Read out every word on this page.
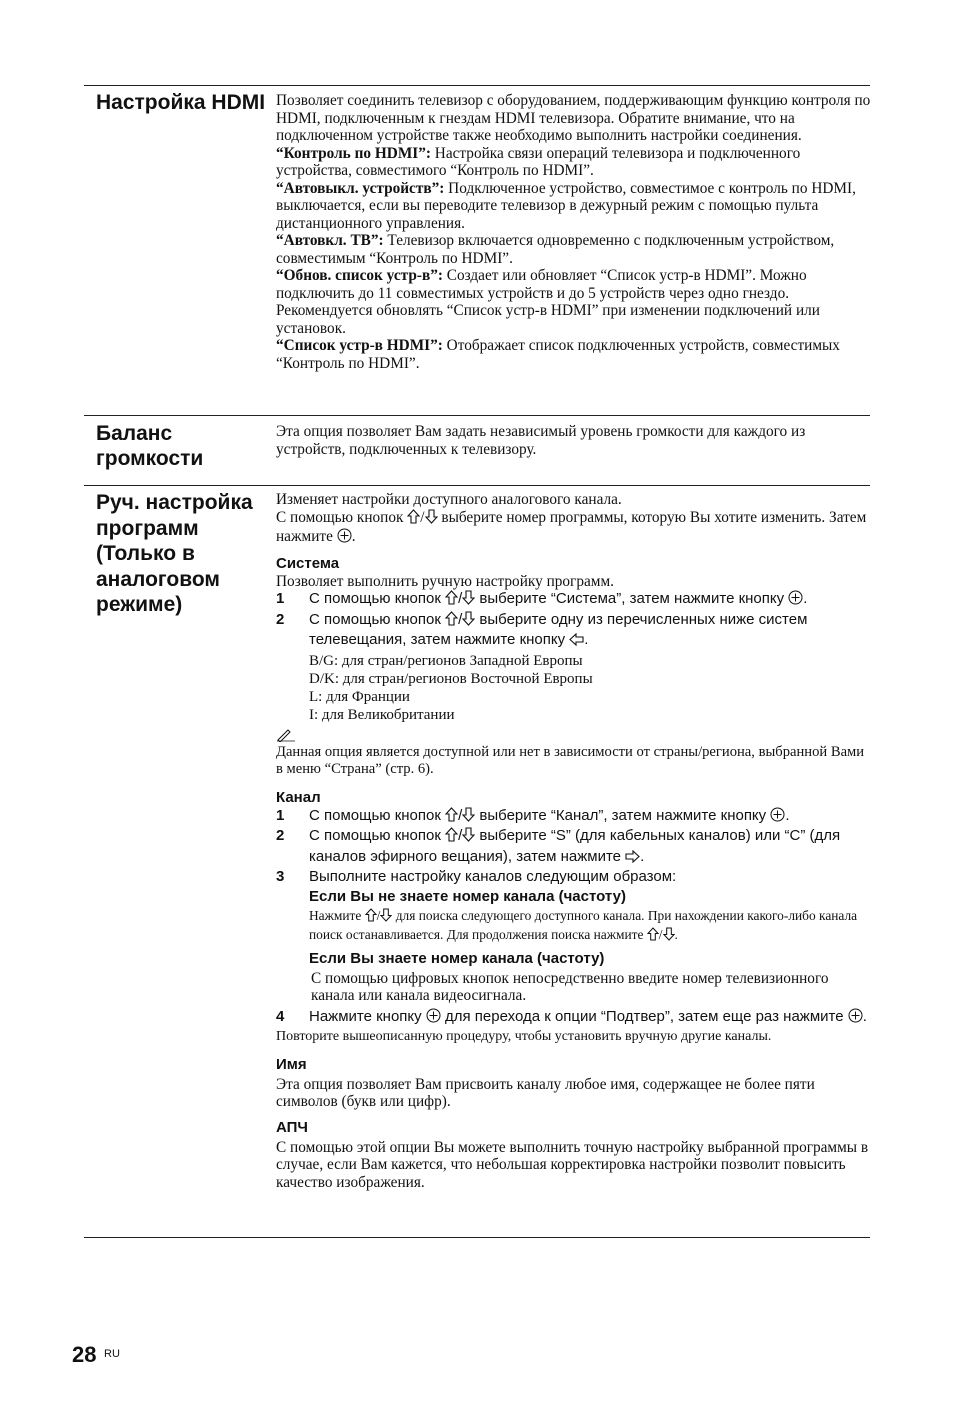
Настройка HDMI Позволяет соединить телевизор с оборудованием, поддерживающим функцию контроля по HDMI, подключенным к гнездам HDMI телевизора. Обратите внимание, что на подключенном устройстве также необходимо выполнить настройки соединения.

“Контроль по HDMI”: Настройка связи операций телевизора и подключенного устройства, совместимого “Контроль по HDMI”.

“Автовыкл. устройств”: Подключенное устройство, совместимое с контроль по HDMI, выключается, если вы переводите телевизор в дежурный режим с помощью пульта дистанционного управления.

“Автовкл. ТВ”: Телевизор включается одновременно с подключенным устройством, совместимым “Контроль по HDMI”.

“Обнов. список устр-в”: Создает или обновляет “Список устр-в HDMI”. Можно подключить до 11 совместимых устройств и до 5 устройств через одно гнездо. Рекомендуется обновлять “Список устр-в HDMI” при изменении подключений или установок.

“Список устр-в HDMI”: Отображает список подключенных устройств, совместимых “Контроль по HDMI”.

Баланс громкости

Эта опция позволяет Вам задать независимый уровень громкости для каждого из устройств, подключенных к телевизору.

Руч. настройка программ (Только в аналоговом режиме)

Изменяет настройки доступного аналогового канала.

С помощью кнопок / выберите номер программы, которую Вы хотите изменить. Затем нажмите .

Система

Позволяет выполнить ручную настройку программ.

1 С помощью кнопок / выберите “Система”, затем нажмите кнопку .
2 С помощью кнопок / выберите одну из перечисленных ниже систем телевещания, затем нажмите кнопку .
B/G: для стран/регионов Западной Европы
D/K: для стран/регионов Восточной Европы
L: для Франции
I: для Великобритании

Данная опция является доступной или нет в зависимости от страны/региона, выбранной Вами в меню “Страна” (стр. 6).

Канал
1 С помощью кнопок / выберите “Канал”, затем нажмите кнопку .
2 С помощью кнопок / выберите “S” (для кабельных каналов) или “C” (для каналов эфирного вещания), затем нажмите .
3 Выполните настройку каналов следующим образом:
Если Вы не знаете номер канала (частоту)

Нажмите / для поиска следующего доступного канала. При нахождении какого-либо канала поиск останавливается. Для продолжения поиска нажмите / .

Если Вы знаете номер канала (частоту)

С помощью цифровых кнопок непосредственно введите номер телевизионного канала или канала видеосигнала.

4 Нажмите кнопку  для перехода к опции “Подтвер”, затем еще раз нажмите .

Повторите вышеописанную процедуру, чтобы установить вручную другие каналы.

Имя

Эта опция позволяет Вам присвоить каналу любое имя, содержащее не более пяти символов (букв или цифр).

АПЧ

С помощью этой опции Вы можете выполнить точную настройку выбранной программы в случае, если Вам кажется, что небольшая корректировка настройки позволит повысить качество изображения.

28 RU
